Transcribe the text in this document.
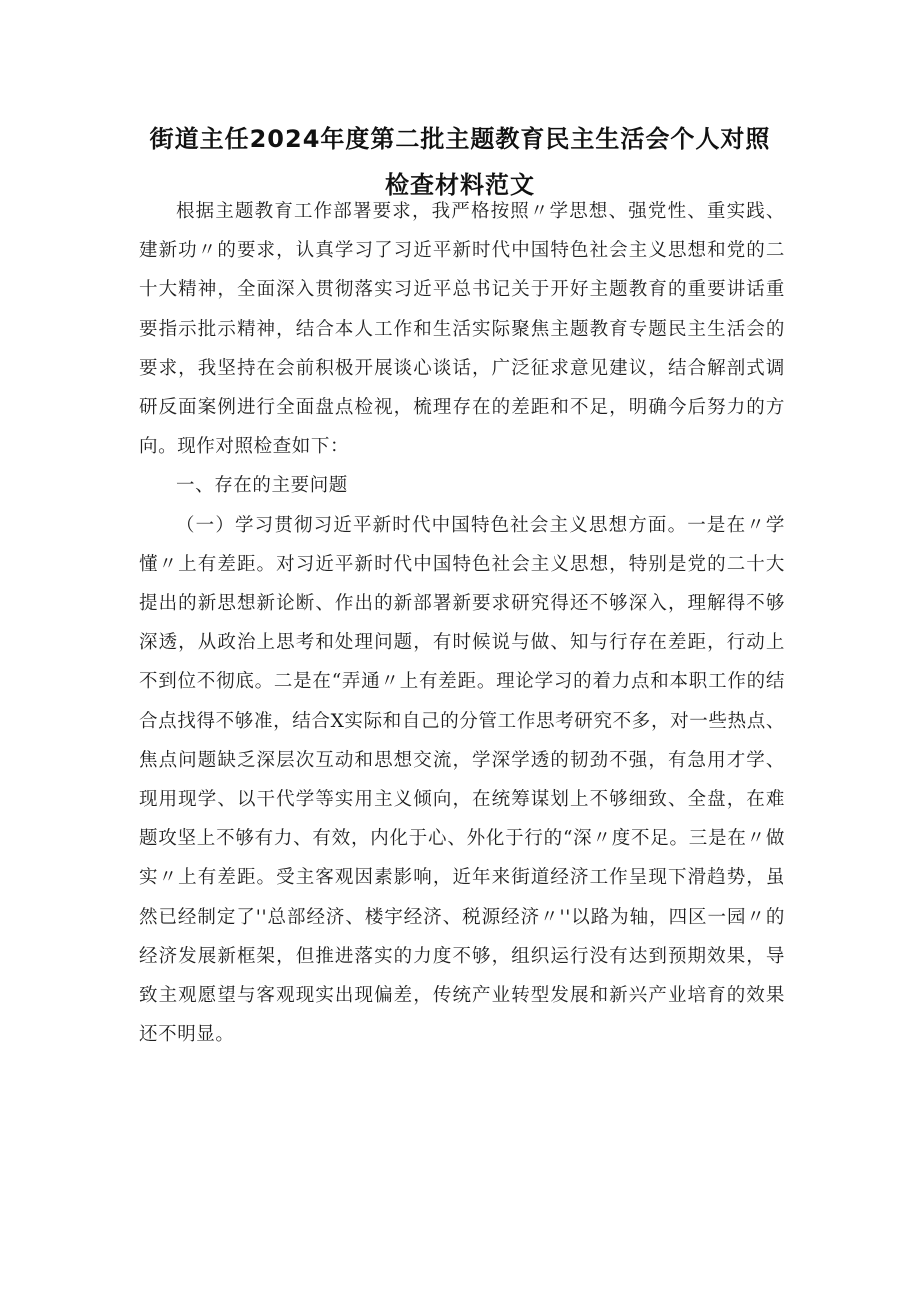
街道主任2024年度第二批主题教育民主生活会个人对照检查材料范文

根据主题教育工作部署要求，我严格按照〃学思想、强党性、重实践、建新功〃的要求，认真学习了习近平新时代中国特色社会主义思想和党的二十大精神，全面深入贯彻落实习近平总书记关于开好主题教育的重要讲话重要指示批示精神，结合本人工作和生活实际聚焦主题教育专题民主生活会的要求，我坚持在会前积极开展谈心谈话，广泛征求意见建议，结合解剖式调研反面案例进行全面盘点检视，梳理存在的差距和不足，明确今后努力的方向。现作对照检查如下：

一、存在的主要问题

（一）学习贯彻习近平新时代中国特色社会主义思想方面。一是在〃学懂〃上有差距。对习近平新时代中国特色社会主义思想，特别是党的二十大提出的新思想新论断、作出的新部署新要求研究得还不够深入，理解得不够深透，从政治上思考和处理问题，有时候说与做、知与行存在差距，行动上不到位不彻底。二是在“弄通〃上有差距。理论学习的着力点和本职工作的结合点找得不够准，结合X实际和自己的分管工作思考研究不多，对一些热点、焦点问题缺乏深层次互动和思想交流，学深学透的韧劲不强，有急用才学、现用现学、以干代学等实用主义倾向，在统筹谋划上不够细致、全盘，在难题攻坚上不够有力、有效，内化于心、外化于行的“深〃度不足。三是在〃做实〃上有差距。受主客观因素影响，近年来街道经济工作呈现下滑趋势，虽然已经制定了''总部经济、楼宇经济、税源经济〃''以路为轴，四区一园〃的经济发展新框架，但推进落实的力度不够，组织运行没有达到预期效果，导致主观愿望与客观现实出现偏差，传统产业转型发展和新兴产业培育的效果还不明显。
